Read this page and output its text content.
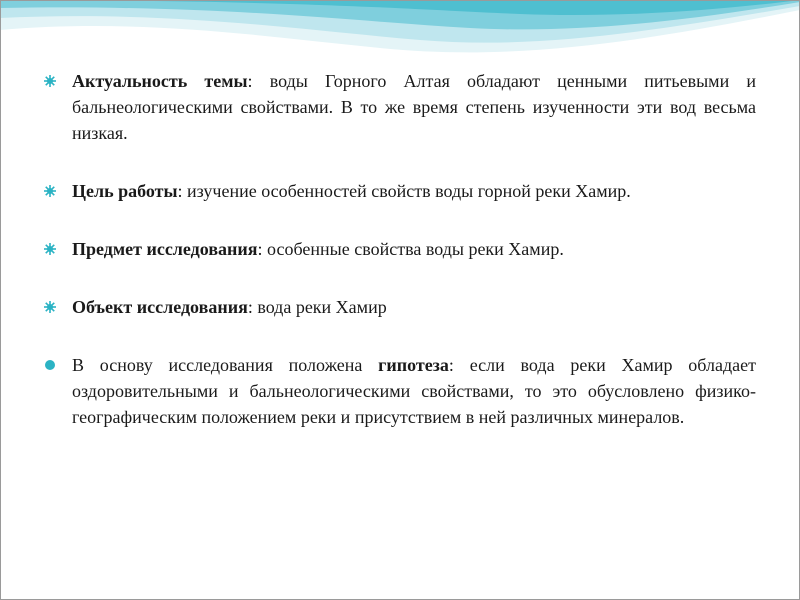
Актуальность темы: воды Горного Алтая обладают ценными питьевыми и бальнеологическими свойствами. В то же время степень изученности эти вод весьма низкая.
Цель работы: изучение особенностей свойств воды горной реки Хамир.
Предмет исследования: особенные свойства воды реки Хамир.
Объект исследования: вода реки Хамир
В основу исследования положена гипотеза: если вода реки Хамир обладает оздоровительными и бальнеологическими свойствами, то это обусловлено физико-географическим положением реки и присутствием в ней различных минералов.
